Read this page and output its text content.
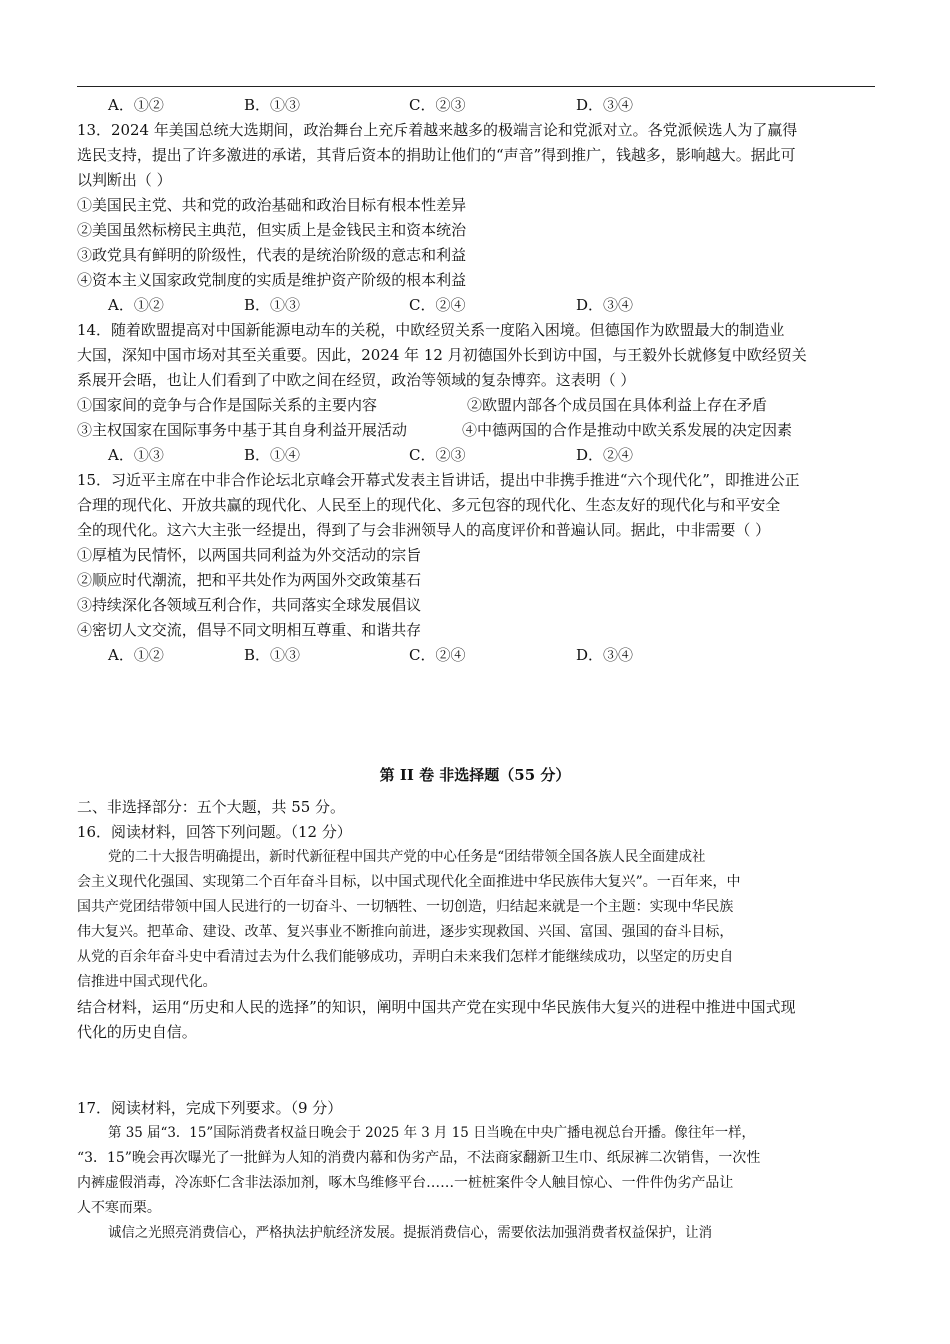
A．①②	B．①③	C．②③	D．③④
13．2024 年美国总统大选期间，政治舞台上充斥着越来越多的极端言论和党派对立。各党派候选人为了赢得
选民支持，提出了许多激进的承诺，其背后资本的捐助让他们的“声音”得到推广，钱越多，影响越大。据此可
以判断出（ ）
①美国民主党、共和党的政治基础和政治目标有根本性差异
②美国虽然标榜民主典范，但实质上是金钱民主和资本统治
③政党具有鲜明的阶级性，代表的是统治阶级的意志和利益
④资本主义国家政党制度的实质是维护资产阶级的根本利益
A．①②	B．①③	C．②④	D．③④
14．随着欧盟提高对中国新能源电动车的关税，中欧经贸关系一度陷入困境。但德国作为欧盟最大的制造业
大国，深知中国市场对其至关重要。因此，2024 年 12 月初德国外长到访中国，与王毅外长就修复中欧经贸关
系展开会晤，也让人们看到了中欧之间在经贸，政治等领域的复杂博弈。这表明（ ）
①国家间的竞争与合作是国际关系的主要内容	②欧盟内部各个成员国在具体利益上存在矛盾
③主权国家在国际事务中基于其自身利益开展活动	④中德两国的合作是推动中欧关系发展的决定因素
A．①③	B．①④	C．②③	D．②④
15．习近平主席在中非合作论坛北京峰会开幕式发表主旨讲话，提出中非携手推进“六个现代化”，即推进公正
合理的现代化、开放共赢的现代化、人民至上的现代化、多元包容的现代化、生态友好的现代化与和平安全
全的现代化。这六大主张一经提出，得到了与会非洲领导人的高度评价和普遍认同。据此，中非需要（ ）
①厚植为民情怀，以两国共同利益为外交活动的宗旨
②顺应时代潮流，把和平共处作为两国外交政策基石
③持续深化各领域互利合作，共同落实全球发展倡议
④密切人文交流，倡导不同文明相互尊重、和谐共存
A．①②	B．①③	C．②④	D．③④
第 II 卷 非选择题（55 分）
二、非选择部分：五个大题，共 55 分。
16．阅读材料，回答下列问题。（12 分）
党的二十大报告明确提出，新时代新征程中国共产党的中心任务是“团结带领全国各族人民全面建成社
会主义现代化强国、实现第二个百年奋斗目标，以中国式现代化全面推进中华民族伟大复兴”。一百年来，中
国共产党团结带领中国人民进行的一切奋斗、一切牺牲、一切创造，归结起来就是一个主题：实现中华民族
伟大复兴。把革命、建设、改革、复兴事业不断推向前进，逐步实现救国、兴国、富国、强国的奋斗目标，
从党的百余年奋斗史中看清过去为什么我们能够成功，弄明白未来我们怎样才能继续成功，以坚定的历史自
信推进中国式现代化。
结合材料，运用“历史和人民的选择”的知识，阐明中国共产党在实现中华民族伟大复兴的进程中推进中国式现
代化的历史自信。
17．阅读材料，完成下列要求。（9 分）
第 35 届“3．15”国际消费者权益日晚会于 2025 年 3 月 15 日当晚在中央广播电视总台开播。像往年一样，
“3．15”晚会再次曝光了一批鲜为人知的消费内幕和伪劣产品，不法商家翻新卫生巾、纸尿裤二次销售，一次性
内裤虚假消毒，冷冻虾仁含非法添加剂，啄木鸟维修平台……一桩桩案件令人触目惊心、一件件伪劣产品让
人不寒而栗。
诚信之光照亮消费信心，严格执法护航经济发展。提振消费信心，需要依法加强消费者权益保护，让消
